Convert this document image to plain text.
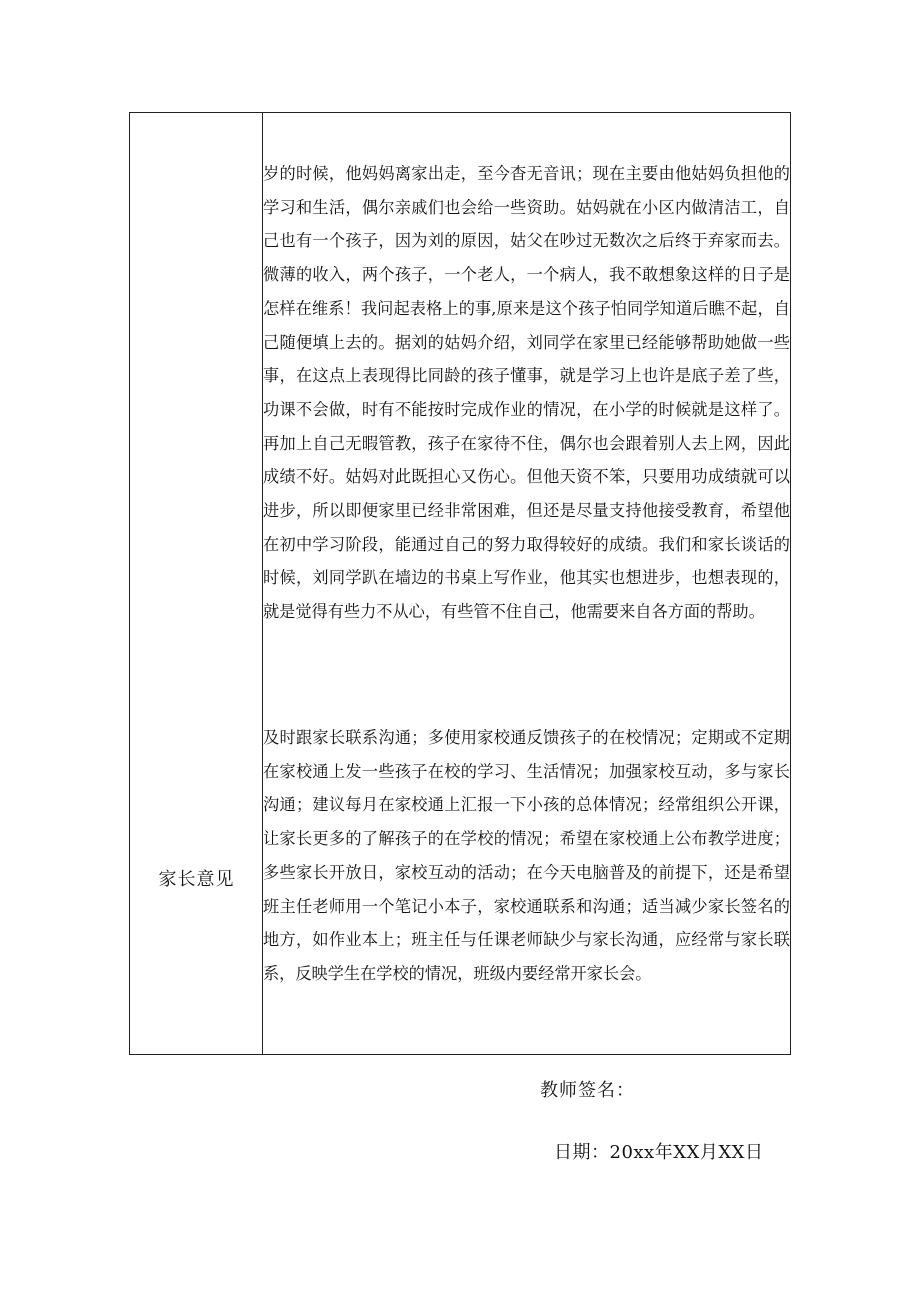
家长意见

岁的时候，他妈妈离家出走，至今杳无音讯；现在主要由他姑妈负担他的学习和生活，偶尔亲戚们也会给一些资助。姑妈就在小区内做清洁工，自己也有一个孩子，因为刘的原因，姑父在吵过无数次之后终于弃家而去。微薄的收入，两个孩子，一个老人，一个病人，我不敢想象这样的日子是怎样在维系！我问起表格上的事,原来是这个孩子怕同学知道后瞧不起，自己随便填上去的。据刘的姑妈介绍，刘同学在家里已经能够帮助她做一些事，在这点上表现得比同龄的孩子懂事，就是学习上也许是底子差了些，功课不会做，时有不能按时完成作业的情况，在小学的时候就是这样了。再加上自己无暇管教，孩子在家待不住，偶尔也会跟着别人去上网，因此成绩不好。姑妈对此既担心又伤心。但他天资不笨，只要用功成绩就可以进步，所以即便家里已经非常困难，但还是尽量支持他接受教育，希望他在初中学习阶段，能通过自己的努力取得较好的成绩。我们和家长谈话的时候，刘同学趴在墙边的书桌上写作业，他其实也想进步，也想表现的，就是觉得有些力不从心，有些管不住自己，他需要来自各方面的帮助。

及时跟家长联系沟通；多使用家校通反馈孩子的在校情况；定期或不定期在家校通上发一些孩子在校的学习、生活情况；加强家校互动，多与家长沟通；建议每月在家校通上汇报一下小孩的总体情况；经常组织公开课，让家长更多的了解孩子的在学校的情况；希望在家校通上公布教学进度；多些家长开放日，家校互动的活动；在今天电脑普及的前提下，还是希望班主任老师用一个笔记小本子，家校通联系和沟通；适当减少家长签名的地方，如作业本上；班主任与任课老师缺少与家长沟通，应经常与家长联系，反映学生在学校的情况，班级内要经常开家长会。

教师签名：
日期：20xx年XX月XX日
